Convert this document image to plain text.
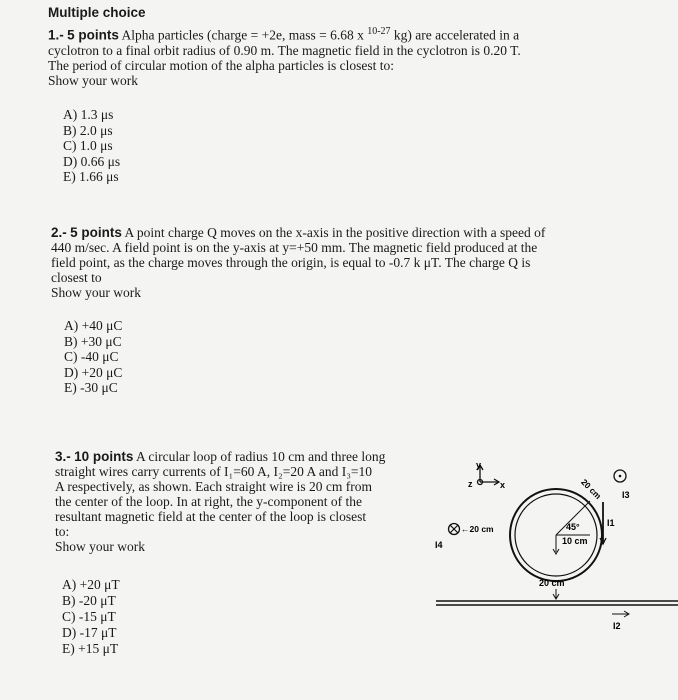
Multiple choice

1.- 5 points Alpha particles (charge = +2e, mass = 6.68 x $^{10-27}$ kg) are accelerated in a

cyclotron to a final orbit radius of 0.90 m. The magnetic field in the cyclotron is 0.20 T.

The period of circular motion of the alpha particles is closest to:

Show your work

A) 1.3 μs
B) 2.0 μs
C) 1.0 μs
D) 0.66 μs
E) 1.66 μs

2.- 5 points A point charge Q moves on the x-axis in the positive direction with a speed of

440 m/sec. A field point is on the y-axis at y=+50 mm. The magnetic field produced at the

field point, as the charge moves through the origin, is equal to -0.7 k μT. The charge Q is

closest to

Show your work

A) +40 μC
B) +30 μC
C) -40 μC
D) +20 μC
E) -30 μC

3.- 10 points A circular loop of radius 10 cm and three long

straight wires carry currents of I₁=60 A, I₂=20 A and I₃=10

A respectively, as shown. Each straight wire is 20 cm from

the center of the loop. In at right, the y-component of the

resultant magnetic field at the center of the loop is closest

to:

Show your work

A) +20 μT
B) -20 μT
C) -15 μT
D) -17 μT
E) +15 μT
y
z	x
10 cm
45°
I3
20 cm
I1
←20 cm
I4
20 cm
I2
